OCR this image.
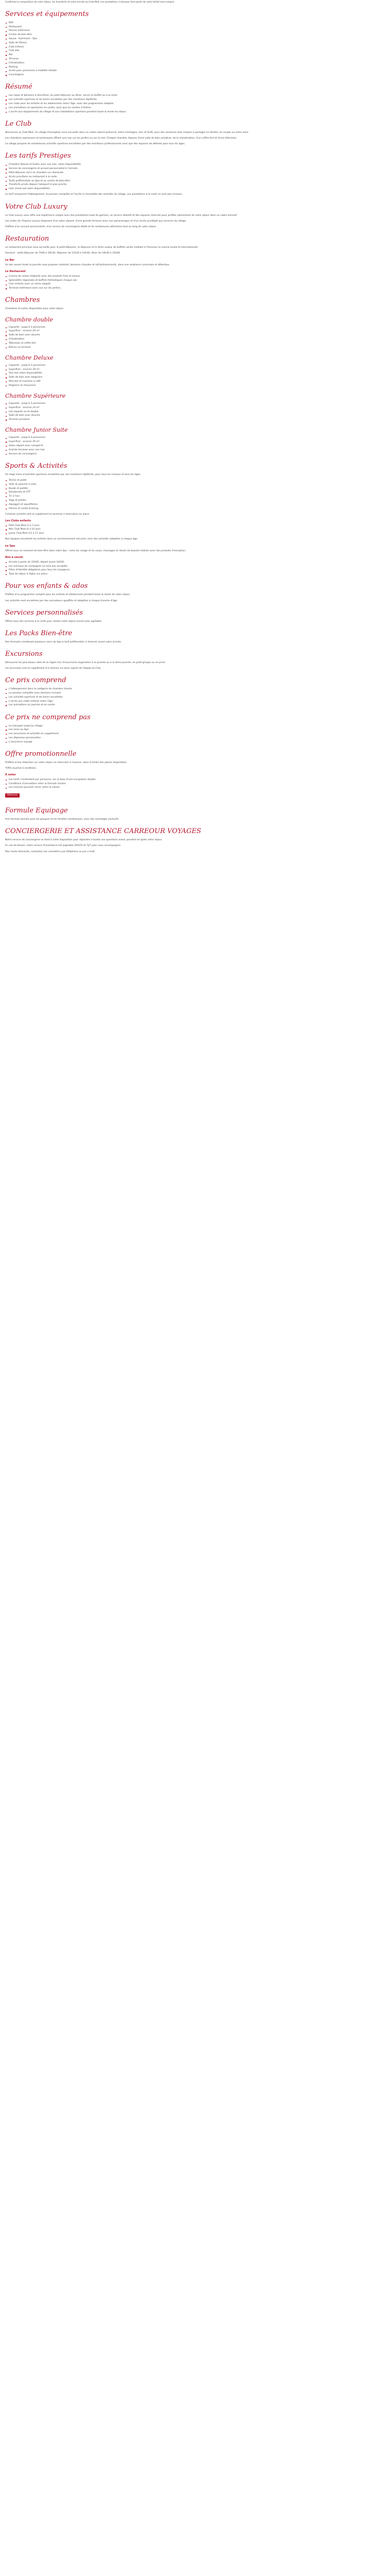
Confirmez la composition de votre séjour, les transferts et votre arrivée au Club Med. Les prestations ci-dessous font partie de votre forfait tout compris.

Services et équipements
Wifi
Restaurant
Piscine extérieure
Centre de bien-être
Sauna - Hammam - Spa
Salle de fitness
Club enfants
Club ado
Bar
Terrasse
Climatisation
Parking
Accès pour personnes à mobilité réduite
Conciergerie
Résumé
Les repas et boissons à discrétion, du petit-déjeuner au dîner, servis en buffet ou à la carte.
Les activités sportives et de loisirs encadrées par des moniteurs diplômés.
Les clubs pour les enfants et les adolescents selon l'âge, avec des programmes adaptés.
Les animations et spectacles en soirée, ainsi que les soirées à thème.
L'accès aux équipements du village et aux installations sportives pendant toute la durée du séjour.
Le Club

Bienvenue au Club Med. Ce village d'exception vous accueille dans un cadre naturel préservé, entre montagne, mer et forêt, pour des vacances tout compris à partager en famille, en couple ou entre amis.

Les chambres spacieuses et lumineuses offrent une vue sur les jardins ou sur la mer. Chaque chambre dispose d'une salle de bain privative, de la climatisation, d'un coffre-fort et d'une télévision.

Le village propose de nombreuses activités sportives encadrées par des moniteurs professionnels ainsi que des espaces de détente pour tous les âges.

Les tarifs Prestiges
Chambre Deluxe et Suites avec vue mer, selon disponibilités.
Service de conciergerie et accueil personnalisé à l'arrivée.
Petit-déjeuner servi en chambre sur demande.
Accès prioritaire au restaurant à la carte.
Tarifs préférentiels au Spa et au centre de bien-être.
Transferts privés depuis l'aéroport le plus proche.
Late check-out selon disponibilités.

Le tarif comprend l'hébergement, la pension complète et l'accès à l'ensemble des activités du village. Les prestations à la carte ne sont pas incluses.

Votre Club Luxury

Le Club Luxury vous offre une expérience unique avec des prestations haut de gamme, un service attentif et des espaces réservés pour profiter pleinement de votre séjour dans un cadre exclusif.

Les suites de l'Espace Luxury disposent d'un salon séparé, d'une grande terrasse avec vue panoramique et d'un accès privilégié aux services du village.

Profitez d'un accueil personnalisé, d'un service de conciergerie dédié et de nombreuses attentions tout au long de votre séjour.

Restauration

Le restaurant principal vous accueille pour le petit-déjeuner, le déjeuner et le dîner autour de buffets variés mettant à l'honneur la cuisine locale et internationale.

Horaires : petit-déjeuner de 7h00 à 10h30, déjeuner de 12h30 à 14h30, dîner de 19h30 à 22h00.

Le Bar

Un bar ouvert toute la journée vous propose cocktails, boissons chaudes et rafraîchissements, dans une ambiance conviviale et détendue.

Le Restaurant
Cuisine de saison élaborée avec des produits frais et locaux.
Spécialités régionales et buffets thématiques chaque soir.
Coin enfants avec un menu adapté.
Terrasse extérieure avec vue sur les jardins.
Chambres

Chambres et suites disponibles pour votre séjour.

Chambre double
Capacité : jusqu'à 2 personnes
Superficie : environ 20 m²
Salle de bain avec douche
Climatisation
Télévision et coffre-fort
Balcon ou terrasse
Chambre Deluxe
Capacité : jusqu'à 3 personnes
Superficie : environ 28 m²
Vue mer selon disponibilités
Salle de bain avec baignoire
Mini-bar et machine à café
Peignoirs et chaussons
Chambre Supérieure
Capacité : jusqu'à 3 personnes
Superficie : environ 24 m²
Lits séparés ou lit double
Salle de bain avec douche
Terrasse privative
Chambre Junior Suite
Capacité : jusqu'à 4 personnes
Superficie : environ 40 m²
Salon séparé avec canapé-lit
Grande terrasse avec vue mer
Service de conciergerie
Sports & Activités

Un large choix d'activités sportives encadrées par nos moniteurs diplômés, pour tous les niveaux et tous les âges.

Tennis et padel
Voile et planche à voile
Kayak et paddle
Randonnée et VTT
Tir à l'arc
Yoga et pilates
Aquagym et aquafitness
Fitness et cardio-training

Certaines activités sont en supplément et soumises à réservation sur place.

Les Clubs enfants
Petit Club Med (2 à 3 ans)
Mini Club Med (4 à 10 ans)
Junior Club Med (11 à 17 ans)

Nos équipes encadrent les enfants dans un environnement sécurisé, avec des activités adaptées à chaque âge.

Le Spa

Offrez-vous un moment de bien-être dans notre Spa : soins du visage et du corps, massages et rituels de beauté réalisés avec des produits d'exception.

Bon à savoir
Arrivée à partir de 15h00, départ avant 10h00.
Les animaux de compagnie ne sont pas acceptés.
Pièce d'identité obligatoire pour tous les voyageurs.
Taxe de séjour à régler sur place.
Pour vos enfants & ados

Profitez d'un programme complet pour les enfants et adolescents pendant toute la durée de votre séjour.

Les activités sont encadrées par des animateurs qualifiés et adaptées à chaque tranche d'âge.

Services personnalisés

Offrez-vous des services à la carte pour rendre votre séjour encore plus agréable.

Les Packs Bien-être

Des formules combinant plusieurs soins du Spa à tarif préférentiel, à réserver avant votre arrivée.

Excursions

Découvrez les plus beaux sites de la région lors d'excursions organisées à la journée ou à la demi-journée, en petit groupe ou en privé.

Les excursions sont en supplément et à réserver sur place auprès de l'équipe du Club.

Ce prix comprend
L'hébergement dans la catégorie de chambre choisie
La pension complète avec boissons incluses
Les activités sportives et de loisirs encadrées
L'accès aux clubs enfants selon l'âge
Les animations en journée et en soirée
Ce prix ne comprend pas
Le transport jusqu'au village
Les soins au Spa
Les excursions et activités en supplément
Les dépenses personnelles
L'assurance voyage
Offre promotionnelle

Profitez d'une réduction sur votre séjour en réservant à l'avance, dans la limite des places disponibles.

*Offre soumise à conditions.

À noter
Les tarifs s'entendent par personne, sur la base d'une occupation double.
Conditions d'annulation selon la formule choisie.
Les horaires peuvent varier selon la saison.
Réserver
Formule Equipage

Une formule pensée pour les groupes et les familles nombreuses, avec des avantages exclusifs.

CONCIERGERIE ET ASSISTANCE CARREOUR VOYAGES

Notre service de conciergerie se tient à votre disposition pour répondre à toutes vos questions avant, pendant et après votre séjour.

En cas de besoin, notre service d'assistance est joignable 24h/24 et 7j/7 pour vous accompagner.

Pour toute demande, contactez nos conseillers par téléphone ou par e-mail.
